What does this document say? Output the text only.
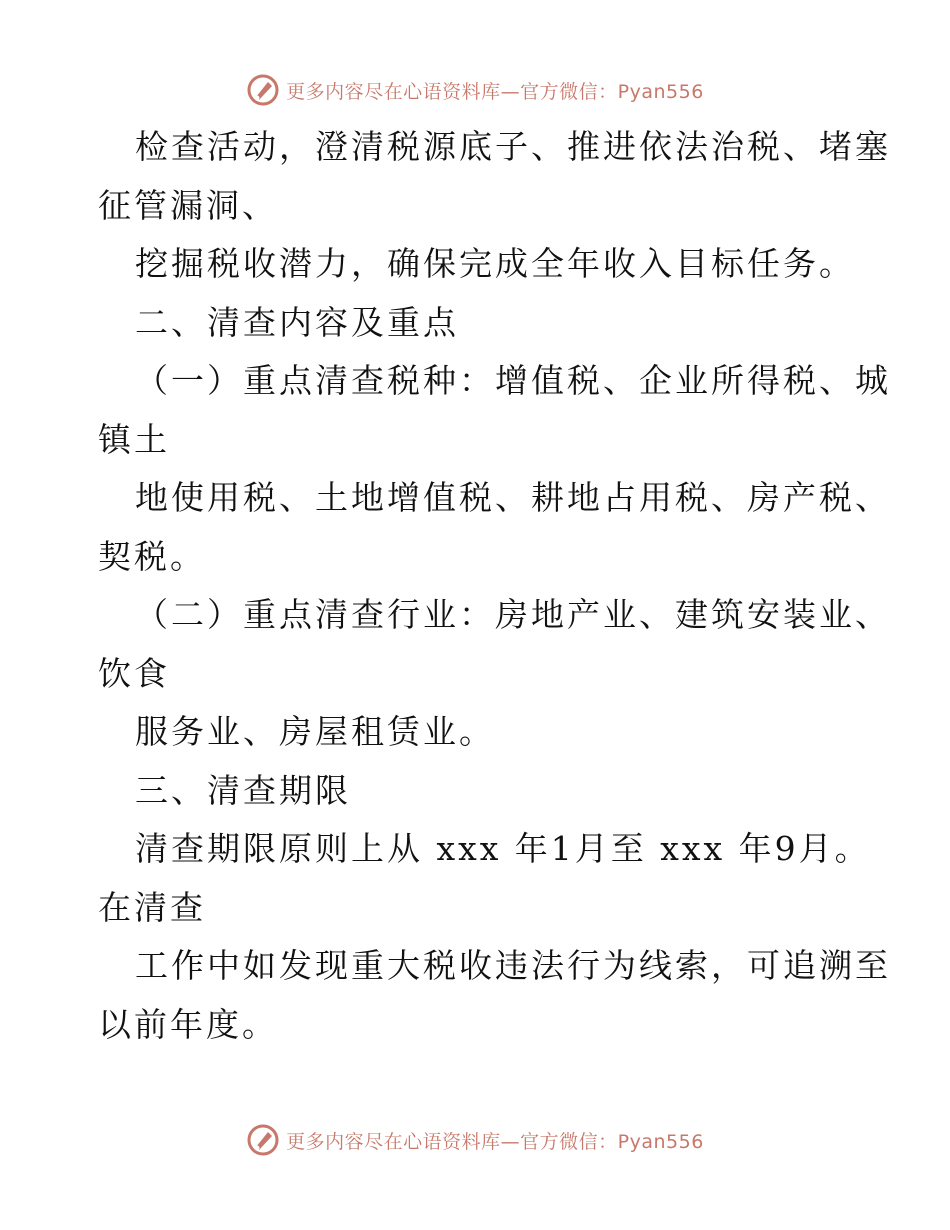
更多内容尽在心语资料库—官方微信：Pyan556
检查活动，澄清税源底子、推进依法治税、堵塞
征管漏洞、
挖掘税收潜力，确保完成全年收入目标任务。
二、清查内容及重点
（一）重点清查税种：增值税、企业所得税、城
镇土
地使用税、土地增值税、耕地占用税、房产税、
契税。
（二）重点清查行业：房地产业、建筑安装业、
饮食
服务业、房屋租赁业。
三、清查期限
清查期限原则上从 xxx 年1月至 xxx 年9月。
在清查
工作中如发现重大税收违法行为线索，可追溯至
以前年度。
更多内容尽在心语资料库—官方微信：Pyan556
